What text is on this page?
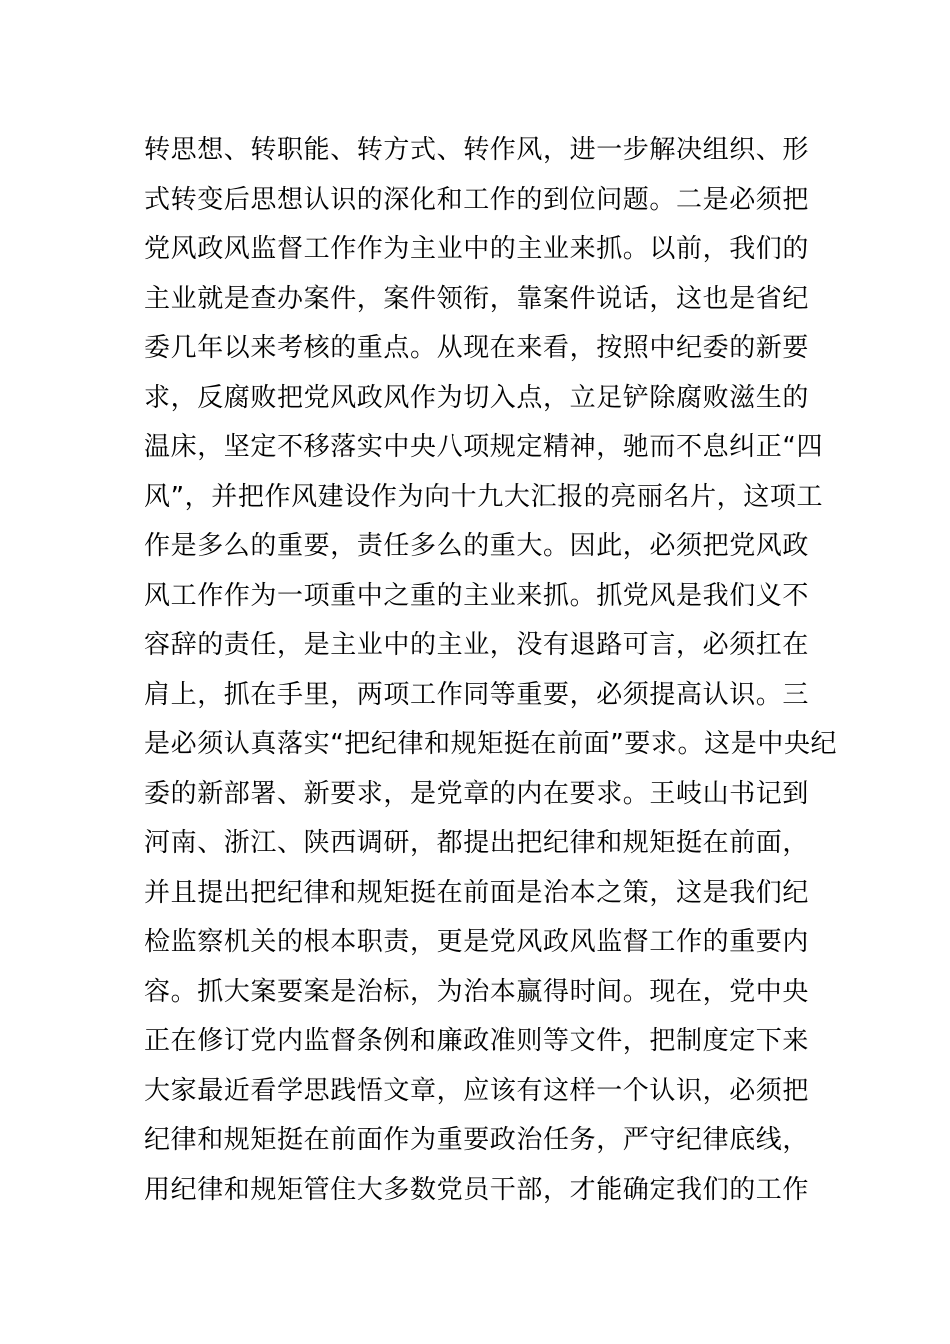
转思想、转职能、转方式、转作风，进一步解决组织、形
式转变后思想认识的深化和工作的到位问题。二是必须把
党风政风监督工作作为主业中的主业来抓。以前，我们的
主业就是查办案件，案件领衔，靠案件说话，这也是省纪
委几年以来考核的重点。从现在来看，按照中纪委的新要
求，反腐败把党风政风作为切入点，立足铲除腐败滋生的
温床，坚定不移落实中央八项规定精神，驰而不息纠正“四
风”，并把作风建设作为向十九大汇报的亮丽名片，这项工
作是多么的重要，责任多么的重大。因此，必须把党风政
风工作作为一项重中之重的主业来抓。抓党风是我们义不
容辞的责任，是主业中的主业，没有退路可言，必须扛在
肩上，抓在手里，两项工作同等重要，必须提高认识。三
是必须认真落实“把纪律和规矩挺在前面”要求。这是中央纪
委的新部署、新要求，是党章的内在要求。王岐山书记到
河南、浙江、陕西调研，都提出把纪律和规矩挺在前面，
并且提出把纪律和规矩挺在前面是治本之策，这是我们纪
检监察机关的根本职责，更是党风政风监督工作的重要内
容。抓大案要案是治标，为治本赢得时间。现在，党中央
正在修订党内监督条例和廉政准则等文件，把制度定下来
大家最近看学思践悟文章，应该有这样一个认识，必须把
纪律和规矩挺在前面作为重要政治任务，严守纪律底线，
用纪律和规矩管住大多数党员干部，才能确定我们的工作
